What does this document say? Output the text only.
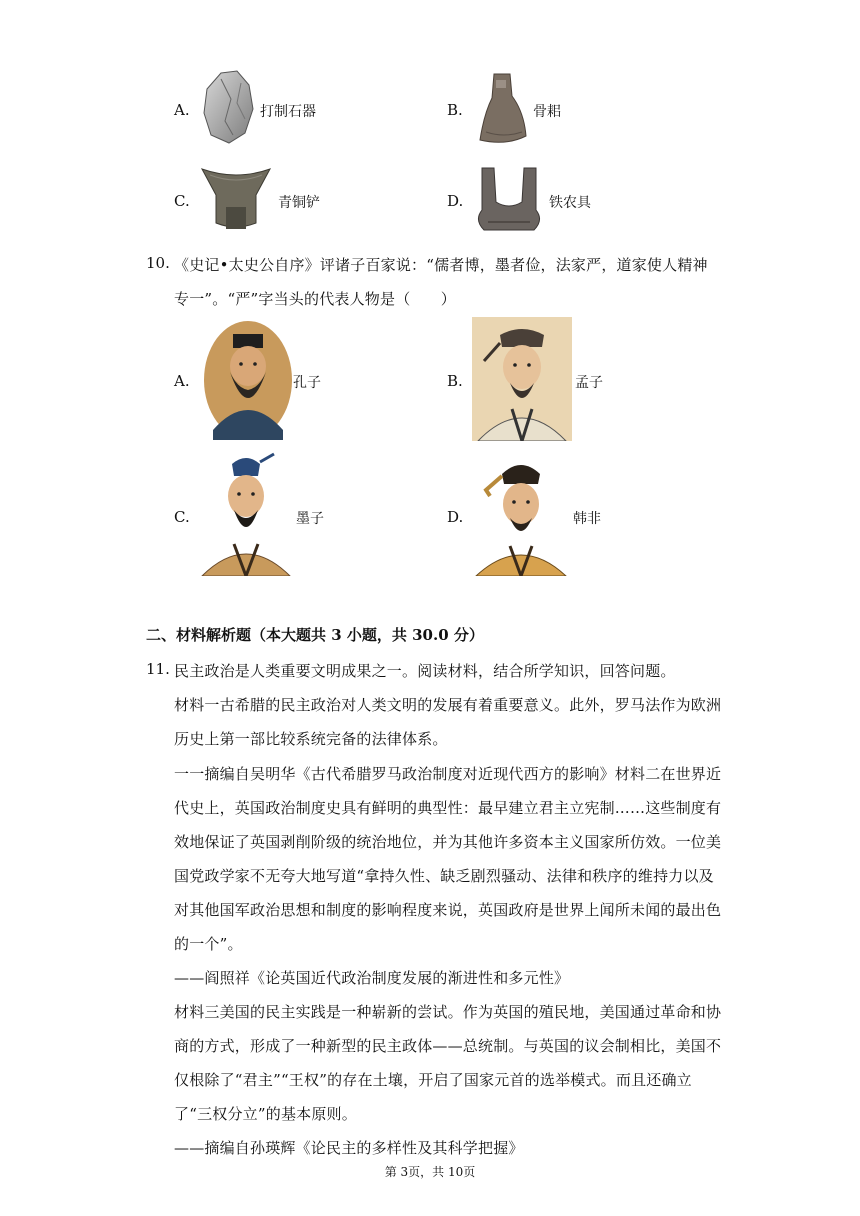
A.	打制石器	B.	骨耜
C.	青铜铲	D.	铁农具
10. 《史记•太史公自序》评诸子百家说：“儒者博，墨者俭，法家严，道家使人精神
专一”。“严”字当头的代表人物是（　　）
A.	孔子	B.	孟子
C.	墨子	D.	韩非
二、材料解析题（本大题共 3 小题，共 30.0 分）
11. 民主政治是人类重要文明成果之一。阅读材料，结合所学知识，回答问题。
材料一古希腊的民主政治对人类文明的发展有着重要意义。此外，罗马法作为欧洲
历史上第一部比较系统完备的法律体系。
一一摘编自吴明华《古代希腊罗马政治制度对近现代西方的影响》材料二在世界近
代史上，英国政治制度史具有鲜明的典型性：最早建立君主立宪制……这些制度有
效地保证了英国剥削阶级的统治地位，并为其他许多资本主义国家所仿效。一位美
国党政学家不无夸大地写道“拿持久性、缺乏剧烈骚动、法律和秩序的维持力以及
对其他国军政治思想和制度的影响程度来说，英国政府是世界上闻所未闻的最出色
的一个”。
——阎照祥《论英国近代政治制度发展的渐进性和多元性》
材料三美国的民主实践是一种崭新的尝试。作为英国的殖民地，美国通过革命和协
商的方式，形成了一种新型的民主政体——总统制。与英国的议会制相比，美国不
仅根除了“君主”“王权”的存在土壤，开启了国家元首的选举模式。而且还确立
了“三权分立”的基本原则。
——摘编自孙瑛辉《论民主的多样性及其科学把握》
第 3页，共 10页
